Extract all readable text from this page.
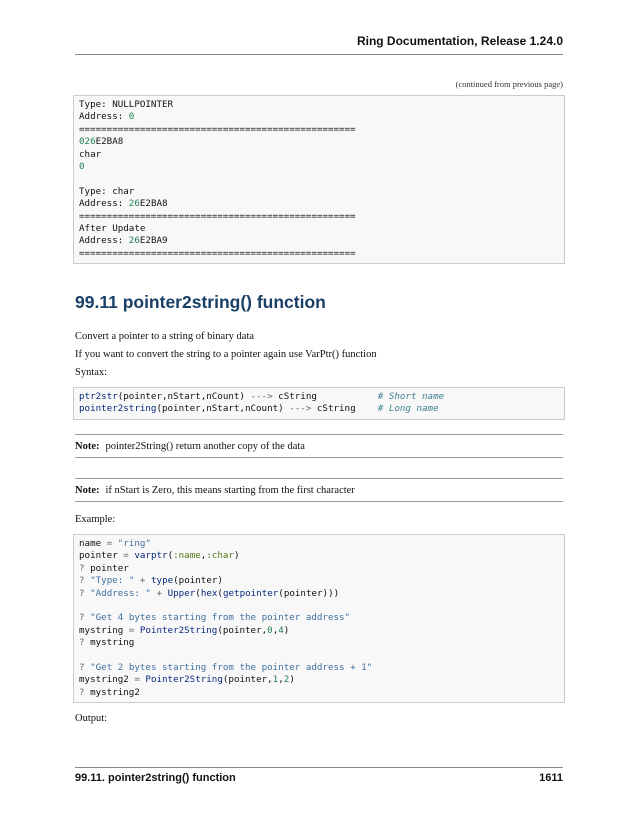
Ring Documentation, Release 1.24.0
(continued from previous page)
Type: NULLPOINTER
Address: 0
==================================================
026E2BA8
char
0
Type: char
Address: 26E2BA8
==================================================
After Update
Address: 26E2BA9
==================================================
99.11 pointer2string() function

Convert a pointer to a string of binary data

If you want to convert the string to a pointer again use VarPtr() function

Syntax:

ptr2str(pointer,nStart,nCount) ---> cString           # Short name
pointer2string(pointer,nStart,nCount) ---> cString    # Long name
Note: pointer2String() return another copy of the data
Note: if nStart is Zero, this means starting from the first character

Example:

name = "ring"
pointer = varptr(:name,:char)
? pointer
? "Type: " + type(pointer)
? "Address: " + Upper(hex(getpointer(pointer)))
? "Get 4 bytes starting from the pointer address"
mystring = Pointer2String(pointer,0,4)
? mystring
? "Get 2 bytes starting from the pointer address + 1"
mystring2 = Pointer2String(pointer,1,2)
? mystring2

Output:

99.11. pointer2string() function	1611
